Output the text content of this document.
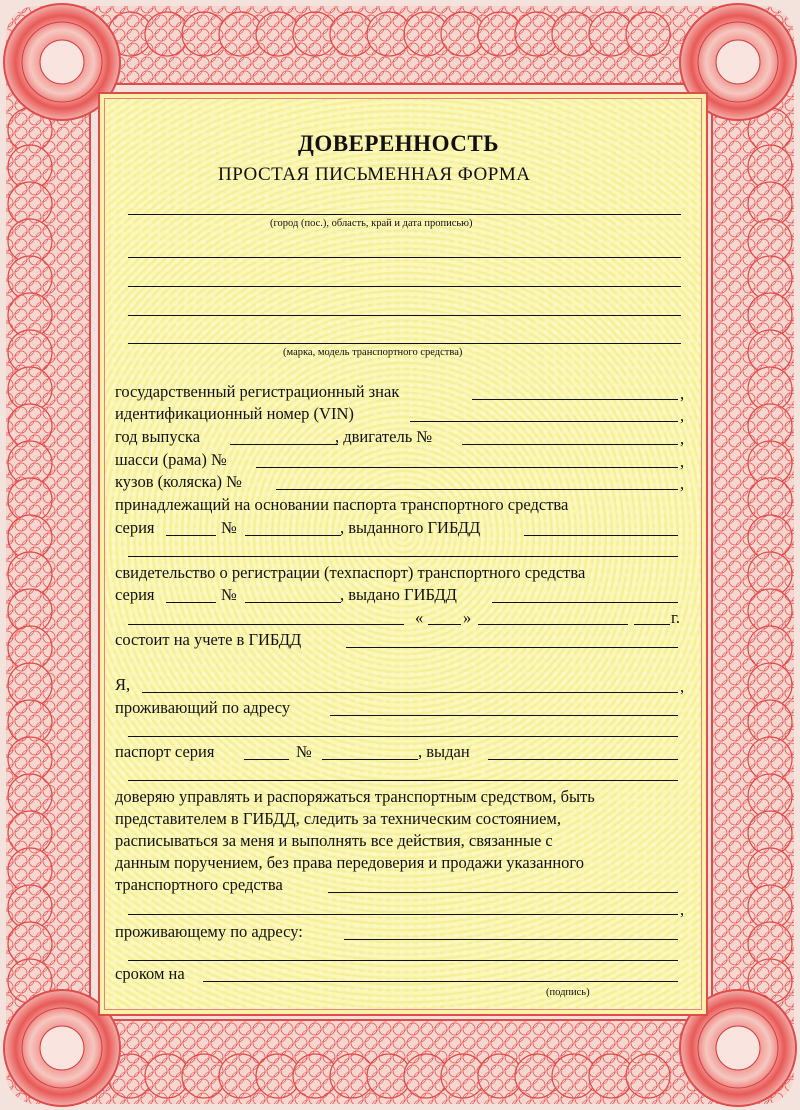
ДОВЕРЕННОСТЬ
ПРОСТАЯ ПИСЬМЕННАЯ ФОРМА
(город (пос.), область, край и дата прописью)
(марка, модель транспортного средства)
государственный регистрационный знак	,
идентификационный номер (VIN)	,
год выпуска	, двигатель №	,
шасси (рама) №	,
кузов (коляска) №	,
принадлежащий на основании паспорта транспортного средства
серия	№	, выданного ГИБДД
свидетельство о регистрации (техпаспорт) транспортного средства
серия	№	, выдано ГИБДД
« »	г.
состоит на учете в ГИБДД
Я,	,
проживающий по адресу
паспорт серия	№	, выдан
доверяю управлять и распоряжаться транспортным средством, быть
представителем в ГИБДД, следить за техническим состоянием,
расписываться за меня и выполнять все действия, связанные с
данным поручением, без права передоверия и продажи указанного
транспортного средства
,
проживающему по адресу:
сроком на
(подпись)
